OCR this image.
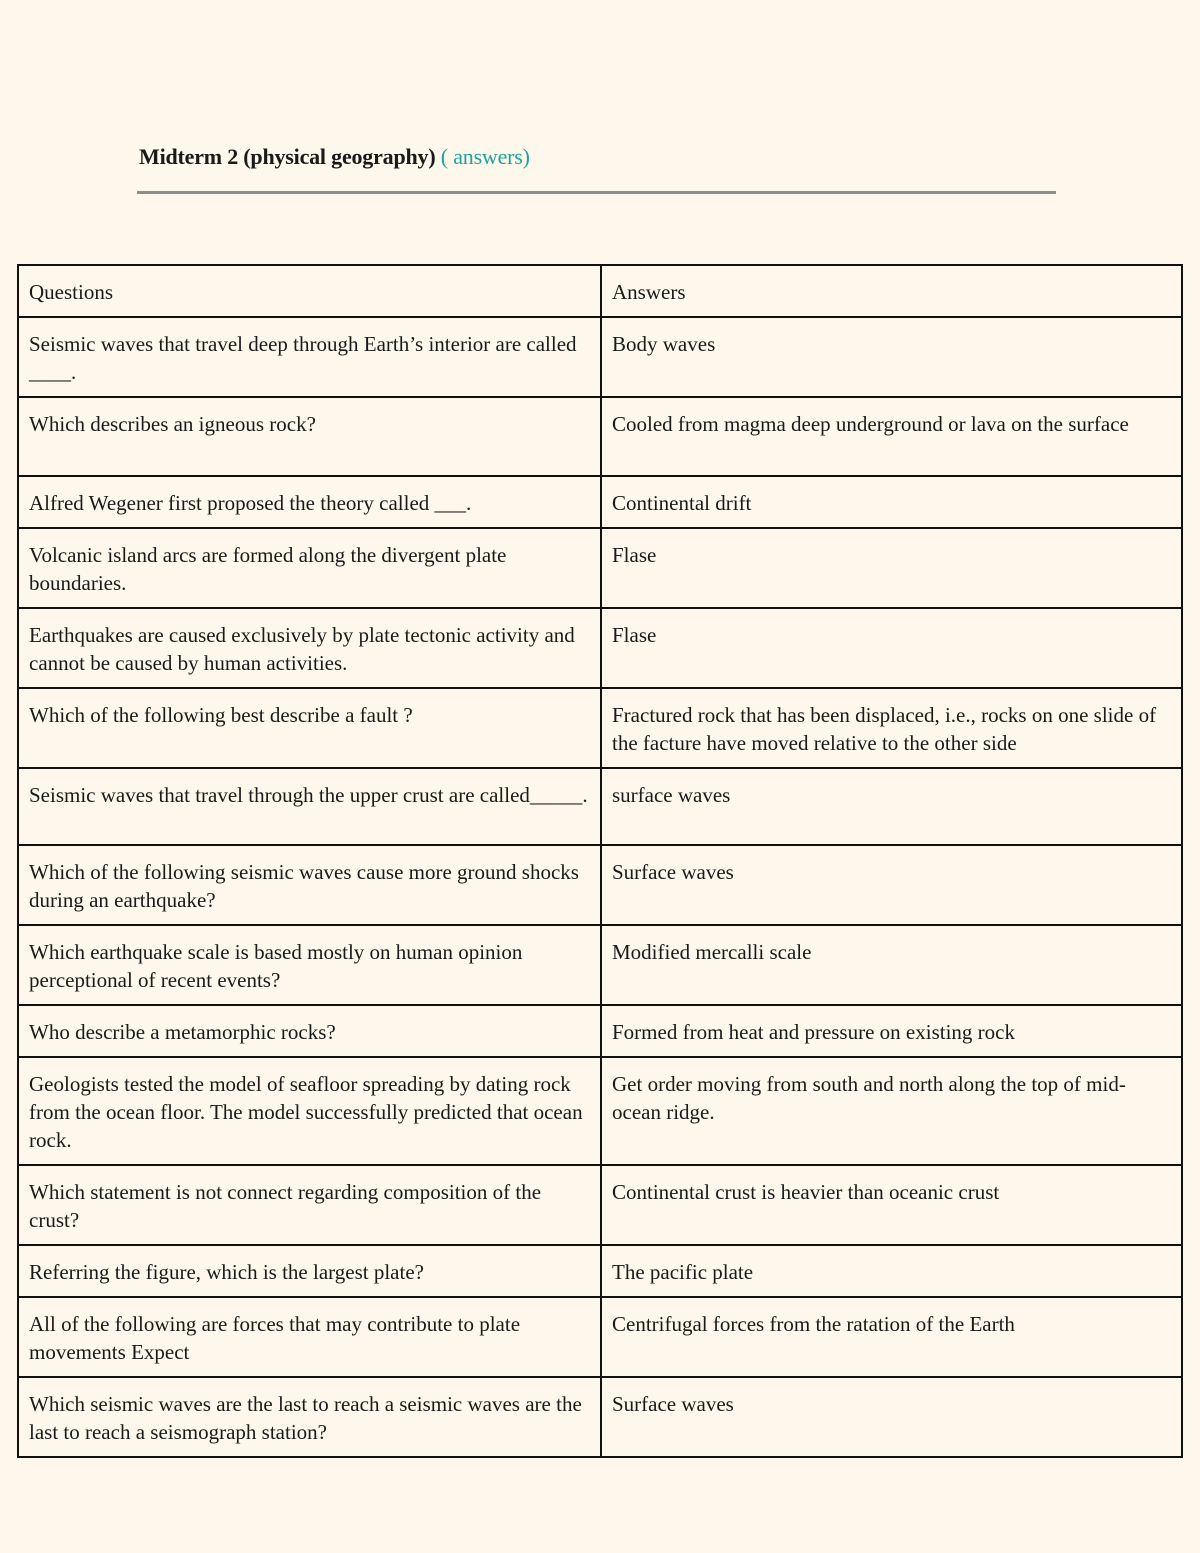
Midterm 2 (physical geography) ( answers)
Questions	Answers
Seismic waves that travel deep through Earth’s interior are called ____.	Body waves
Which describes an igneous rock?	Cooled from magma deep underground or lava on the surface
Alfred Wegener first proposed the theory called ___.	Continental drift
Volcanic island arcs are formed along the divergent plate boundaries.	Flase
Earthquakes are caused exclusively by plate tectonic activity and cannot be caused by human activities.	Flase
Which of the following best describe a fault ?	Fractured rock that has been displaced, i.e., rocks on one slide of the facture have moved relative to the other side
Seismic waves that travel through the upper crust are called_____.	surface waves
Which of the following seismic waves cause more ground shocks during an earthquake?	Surface waves
Which earthquake scale is based mostly on human opinion perceptional of recent events?	Modified mercalli scale
Who describe a metamorphic rocks?	Formed from heat and pressure on existing rock
Geologists tested the model of seafloor spreading by dating rock from the ocean floor. The model successfully predicted that ocean rock.	Get order moving from south and north along the top of mid-ocean ridge.
Which statement is not connect regarding composition of the crust?	Continental crust is heavier than oceanic crust
Referring the figure, which is the largest plate?	The pacific plate
All of the following are forces that may contribute to plate movements Expect	Centrifugal forces from the ratation of the Earth
Which seismic waves are the last to reach a seismic waves are the last to reach a seismograph station?	Surface waves
